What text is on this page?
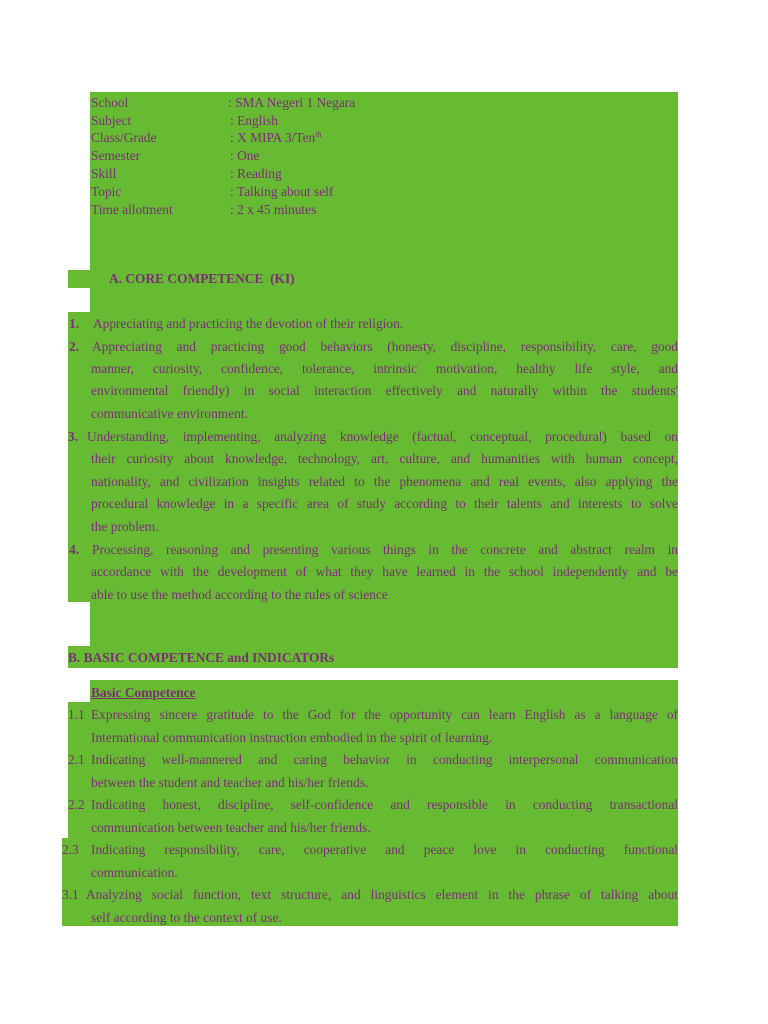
School	: SMA Negeri 1 Negara
Subject	: English
Class/Grade	: X MIPA 3/Ten$^{th}$
Semester	: One
Skill	: Reading
Topic	: Talking about self
Time allotment	: 2 x 45 minutes
A. CORE COMPETENCE  (KI)
1. Appreciating and practicing the devotion of their religion.
2. Appreciating and practicing good behaviors (honesty, discipline, responsibility, care, good
manner, curiosity, confidence, tolerance, intrinsic motivation, healthy life style, and
environmental friendly) in social interaction effectively and naturally within the students'
communicative environment.
3. Understanding, implementing, analyzing knowledge (factual, conceptual, procedural) based on
their curiosity about knowledge, technology, art, culture, and humanities with human concept,
nationality, and civilization insights related to the phenomena and real events, also applying the
procedural knowledge in a specific area of study according to their talents and interests to solve
the problem.
4. Processing, reasoning and presenting various things in the concrete and abstract realm in
accordance with the development of what they have learned in the school independently and be
able to use the method according to the rules of science
B. BASIC COMPETENCE and INDICATORs
Basic Competence
1.1 Expressing sincere gratitude to the God for the opportunity can learn English as a language of
International communication instruction embodied in the spirit of learning.
2.1 Indicating well-mannered and caring behavior in conducting interpersonal communication
between the student and teacher and his/her friends.
2.2 Indicating honest, discipline, self-confidence and responsible in conducting transactional
communication between teacher and his/her friends.
2.3 Indicating responsibility, care, cooperative and peace love in conducting functional
communication.
3.1 Analyzing social function, text structure, and linguistics element in the phrase of talking about
self according to the context of use.
